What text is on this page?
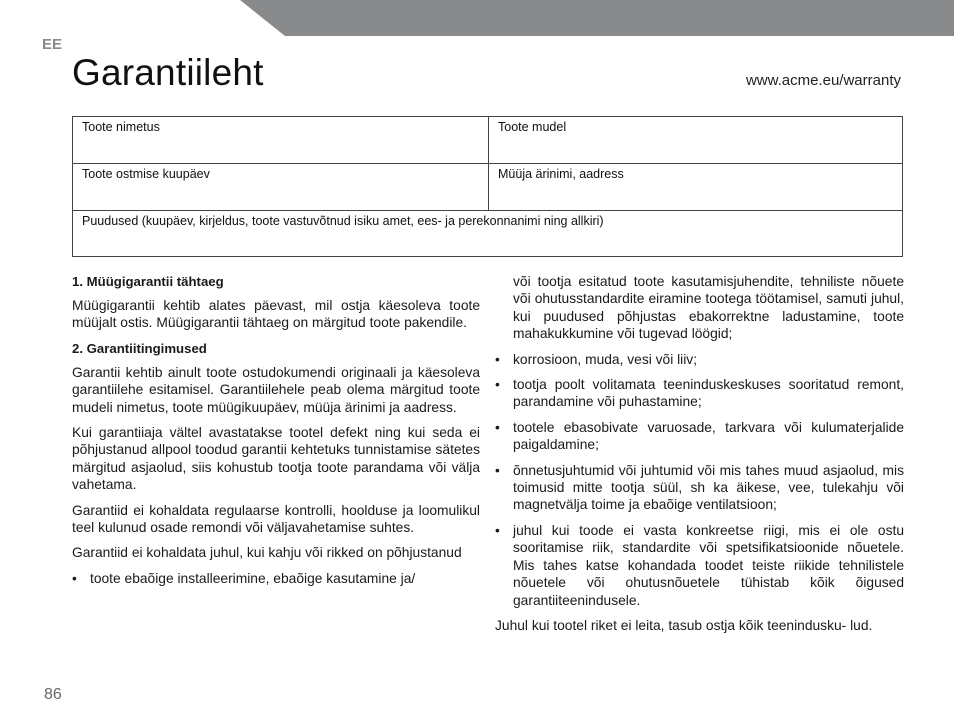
EE
Garantiileht	www.acme.eu/warranty
Toote nimetus	Toote mudel
Toote ostmise kuupäev	Müüja ärinimi, aadress
Puudused (kuupäev, kirjeldus, toote vastuvõtnud isiku amet, ees- ja perekonnanimi ning allkiri)
1. Müügigarantii tähtaeg

Müügigarantii kehtib alates päevast, mil ostja käesoleva toote müüjalt ostis. Müügigarantii tähtaeg on märgitud toote pakendile.

2. Garantiitingimused

Garantii kehtib ainult toote ostudokumendi originaali ja käesoleva garantiilehe esitamisel. Garantiilehele peab olema märgitud toote mudeli nimetus, toote müügikuupäev, müüja ärinimi ja aadress.

Kui garantiiaja vältel avastatakse tootel defekt ning kui seda ei põhjustanud allpool toodud garantii kehtetuks tunnistamise sätetes märgitud asjaolud, siis kohustub tootja toote parandama või välja vahetama.

Garantiid ei kohaldata regulaarse kontrolli, hoolduse ja loomulikul teel kulunud osade remondi või väljavahetamise suhtes.

Garantiid ei kohaldata juhul, kui kahju või rikked on põhjustanud

• toote ebaõige installeerimine, ebaõige kasutamine ja/
või tootja esitatud toote kasutamisjuhendite, tehniliste nõuete või ohutusstandardite eiramine tootega töötamisel, samuti juhul, kui puudused põhjustas ebakorrektne ladustamine, toote mahakukkumine või tugevad löögid;
• korrosioon, muda, vesi või liiv;
• tootja poolt volitamata teeninduskeskuses sooritatud remont, parandamine või puhastamine;
• tootele ebasobivate varuosade, tarkvara või kulumaterjalide paigaldamine;
• õnnetusjuhtumid või juhtumid või mis tahes muud asjaolud, mis toimusid mitte tootja süül, sh ka äikese, vee, tulekahju või magnetvälja toime ja ebaõige ventilatsioon;
• juhul kui toode ei vasta konkreetse riigi, mis ei ole ostu sooritamise riik, standardite või spetsifikatsioonide nõuetele. Mis tahes katse kohandada toodet teiste riikide tehnilistele nõuetele või ohutusnõuetele tühistab kõik õigused garantiiteenindusele.

Juhul kui tootel riket ei leita, tasub ostja kõik teenindusku- lud.

86
